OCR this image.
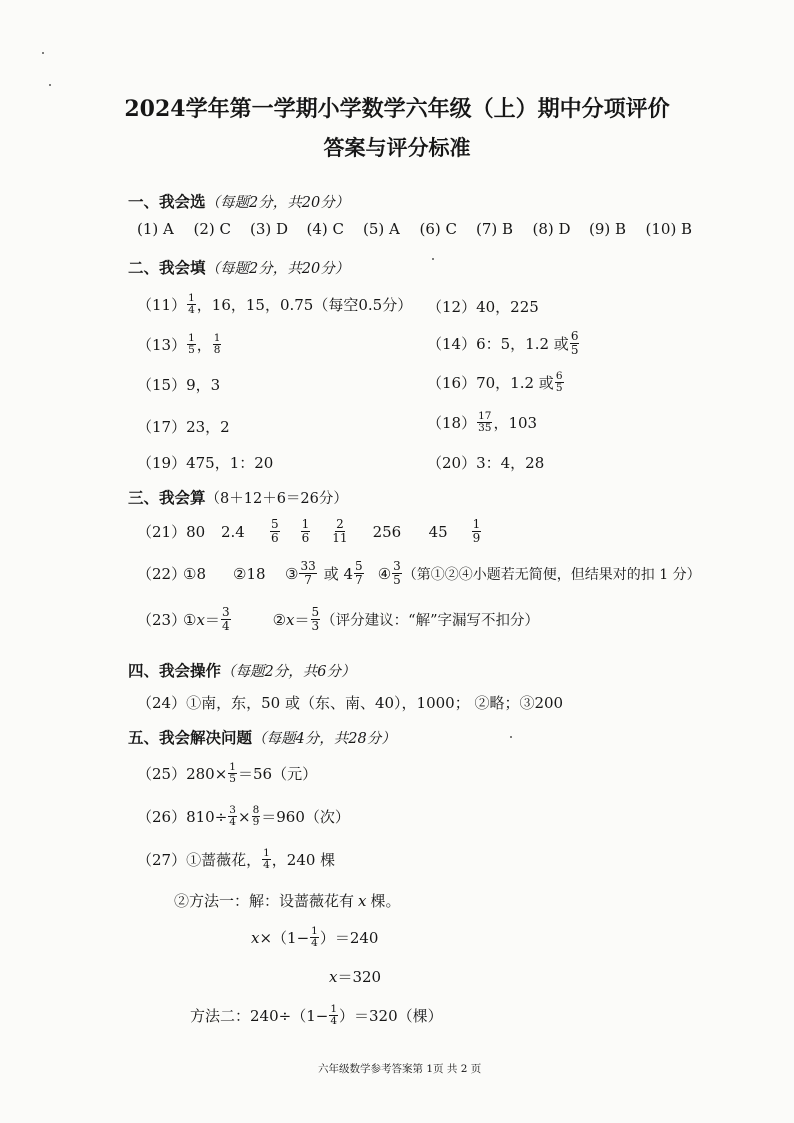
2024学年第一学期小学数学六年级（上）期中分项评价
答案与评分标准
一、我会选（每题2分，共20分）
(1) A	(2) C	(3) D	(4) C	(5) A	(6) C	(7) B	(8) D	(9) B	(10) B
二、我会填（每题2分，共20分）
$(11) \frac{1}{4}$ ，16，15，0.75（每空0.5分） （12）40，225
$(13) \frac{1}{5}$ ， $\frac{1}{8}$	（14）6：5，1.2 或 $\frac{6}{5}$
（15）9，3	（16）70，1.2 或 $\frac{6}{5}$
（17）23，2	$(18) \frac{17}{35}$ ，103
（19）475，1：20	（20）3：4，28
三、我会算（8＋12＋6＝26分）
（21）80	2.4	$\frac{5}{6} \frac{1}{6} \frac{2}{11} 256$	45	$\frac{1}{9}$
（22）
①8	②18	③ $\frac{33}{7}$ 或 $4 \frac{5}{7}$ ④ $\frac{3}{5}$ （第①②④小题若无简便，但结果对的扣 1 分）
（23）
① $x = \frac{3}{4}$	② $x = \frac{5}{3}$ （评分建议：“解”字漏写不扣分）
四、我会操作（每题2分，共6分）
（24）①南，东，50 或（东、南、40），1000； ②略；③200
五、我会解决问题（每题4分，共28分）
$(25)280\times \frac{1}{5} =56$（元）
$(26)810\div \frac{3}{4} \times \frac{8}{9} =960$（次）
（27）①蔷薇花， $\frac{1}{4}$ ，240 棵
②方法一：解：设蔷薇花有 x 棵。
$x \times(1- \frac{1}{4} )=240$
x ＝320
方法二：$240\div(1- \frac{1}{4} )=320$（棵）
六年级数学参考答案第 1页 共 2 页
